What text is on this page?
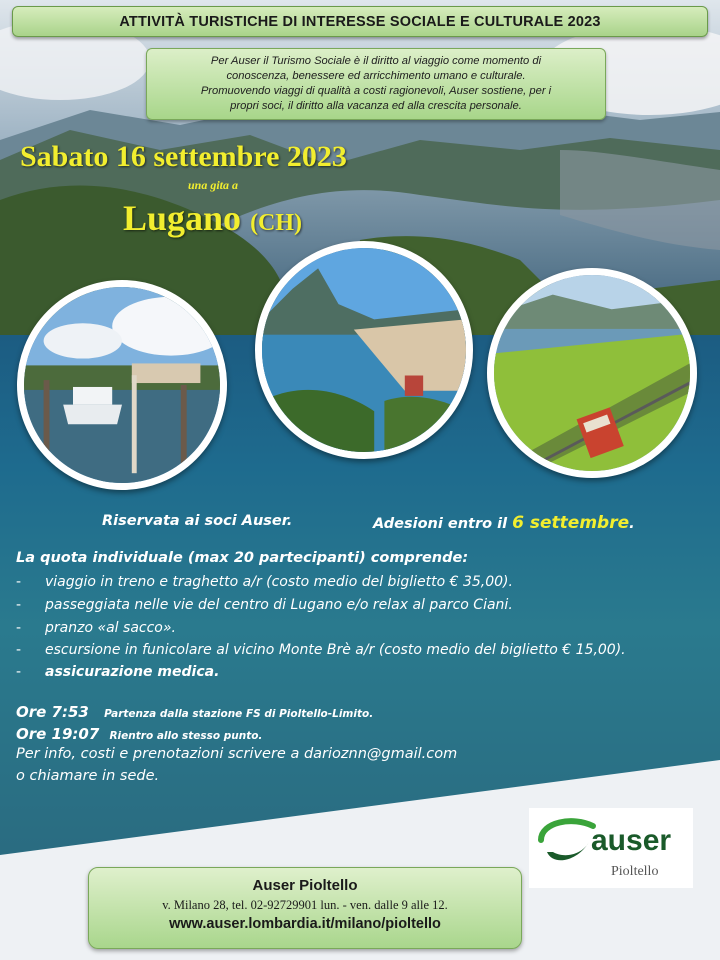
ATTIVITÀ TURISTICHE DI INTERESSE SOCIALE E CULTURALE 2023
Per Auser il Turismo Sociale è il diritto al viaggio come momento di
conoscenza, benessere ed arricchimento umano e culturale.
Promuovendo viaggi di qualità a costi ragionevoli, Auser sostiene, per i
propri soci, il diritto alla vacanza ed alla crescita personale.
Sabato 16 settembre 2023
una gita a
Lugano (CH)
Riservata ai soci Auser.	Adesioni entro il 6 settembre.
La quota individuale (max 20 partecipanti) comprende:
- viaggio in treno e traghetto a/r (costo medio del biglietto € 35,00).
- passeggiata nelle vie del centro di Lugano e/o relax al parco Ciani.
- pranzo «al sacco».
- escursione in funicolare al vicino Monte Brè a/r (costo medio del biglietto € 15,00).
- assicurazione medica.
Ore 7:53 Partenza dalla stazione FS di Pioltello-Limito.
Ore 19:07 Rientro allo stesso punto.
Per info, costi e prenotazioni scrivere a darioznn@gmail.com
o chiamare in sede.
auser
Pioltello
Auser Pioltello
v. Milano 28, tel. 02-92729901 lun. - ven. dalle 9 alle 12.
www.auser.lombardia.it/milano/pioltello
